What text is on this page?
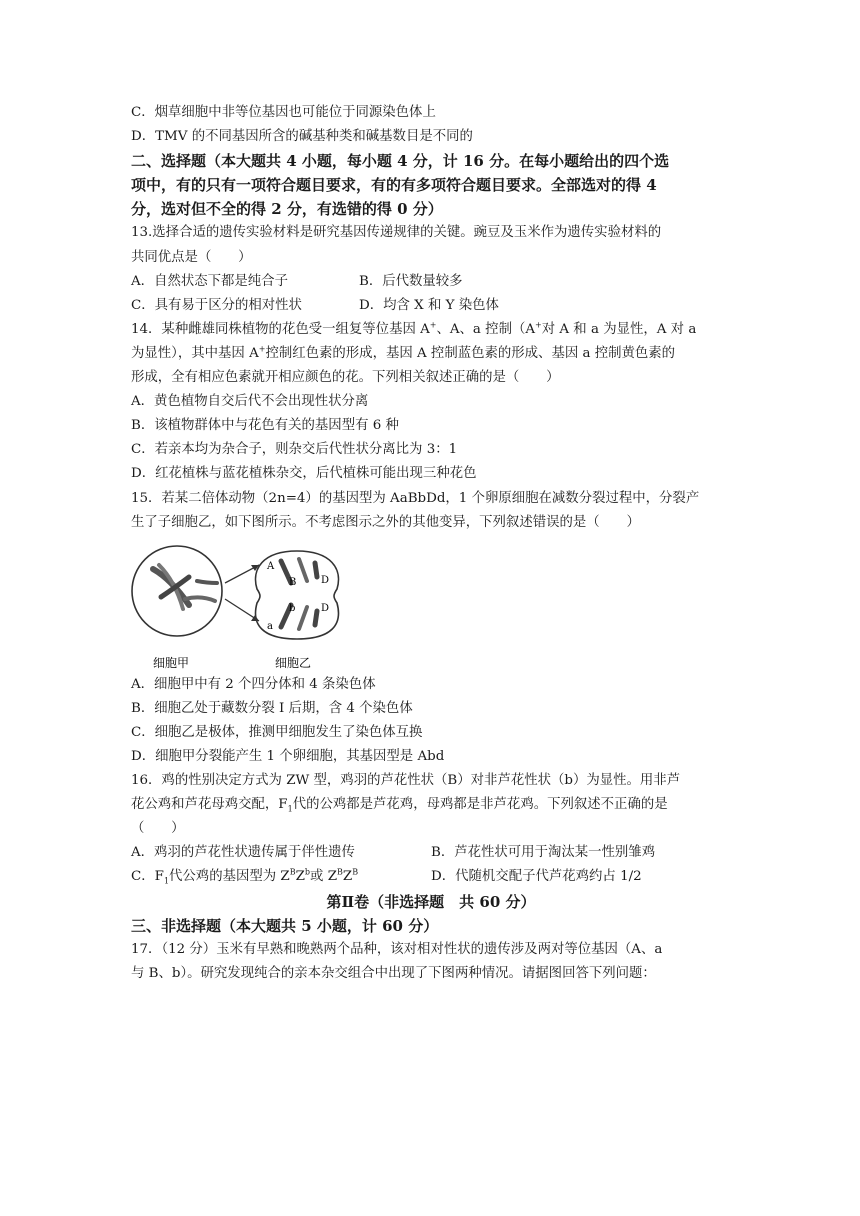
C．烟草细胞中非等位基因也可能位于同源染色体上
D．TMV 的不同基因所含的碱基种类和碱基数目是不同的
二、选择题（本大题共 4 小题，每小题 4 分，计 16 分。在每小题给出的四个选
项中，有的只有一项符合题目要求，有的有多项符合题目要求。全部选对的得 4
分，选对但不全的得 2 分，有选错的得 0 分）
13.选择合适的遗传实验材料是研究基因传递规律的关键。豌豆及玉米作为遗传实验材料的
共同优点是（　　）
A．自然状态下都是纯合子	B．后代数量较多
C．具有易于区分的相对性状	D．均含 X 和 Y 染色体
14．某种雌雄同株植物的花色受一组复等位基因 A+、A、a 控制（A+对 A 和 a 为显性，A 对 a
为显性），其中基因 A+控制红色素的形成，基因 A 控制蓝色素的形成、基因 a 控制黄色素的
形成，全有相应色素就开相应颜色的花。下列相关叙述正确的是（　　）
A．黄色植物自交后代不会出现性状分离
B．该植物群体中与花色有关的基因型有 6 种
C．若亲本均为杂合子，则杂交后代性状分离比为 3：1
D．红花植株与蓝花植株杂交，后代植株可能出现三种花色
15．若某二倍体动物（2n=4）的基因型为 AaBbDd，1 个卵原细胞在减数分裂过程中，分裂产
生了子细胞乙，如下图所示。不考虑图示之外的其他变异，下列叙述错误的是（　　）
细胞甲
A
B D
b	D
a
细胞乙
A．细胞甲中有 2 个四分体和 4 条染色体
B．细胞乙处于藏数分裂 I 后期，含 4 个染色体
C．细胞乙是极体，推测甲细胞发生了染色体互换
D．细胞甲分裂能产生 1 个卵细胞，其基因型是 Abd
16．鸡的性别决定方式为 ZW 型，鸡羽的芦花性状（B）对非芦花性状（b）为显性。用非芦
花公鸡和芦花母鸡交配，$F_1$代的公鸡都是芦花鸡，母鸡都是非芦花鸡。下列叙述不正确的是
（　　）
A．鸡羽的芦花性状遗传属于伴性遗传	B．芦花性状可用于淘汰某一性别雏鸡
C．$F_1$代公鸡的基因型为 $Z^BZ^b$或 $Z^BZ^B$	D．代随机交配子代芦花鸡约占 1/2
第Ⅱ卷（非选择题　共 60 分）
三、非选择题（本大题共 5 小题，计 60 分）
17．（12 分）玉米有早熟和晚熟两个品种，该对相对性状的遗传涉及两对等位基因（A、a
与 B、b）。研究发现纯合的亲本杂交组合中出现了下图两种情况。请据图回答下列问题：
